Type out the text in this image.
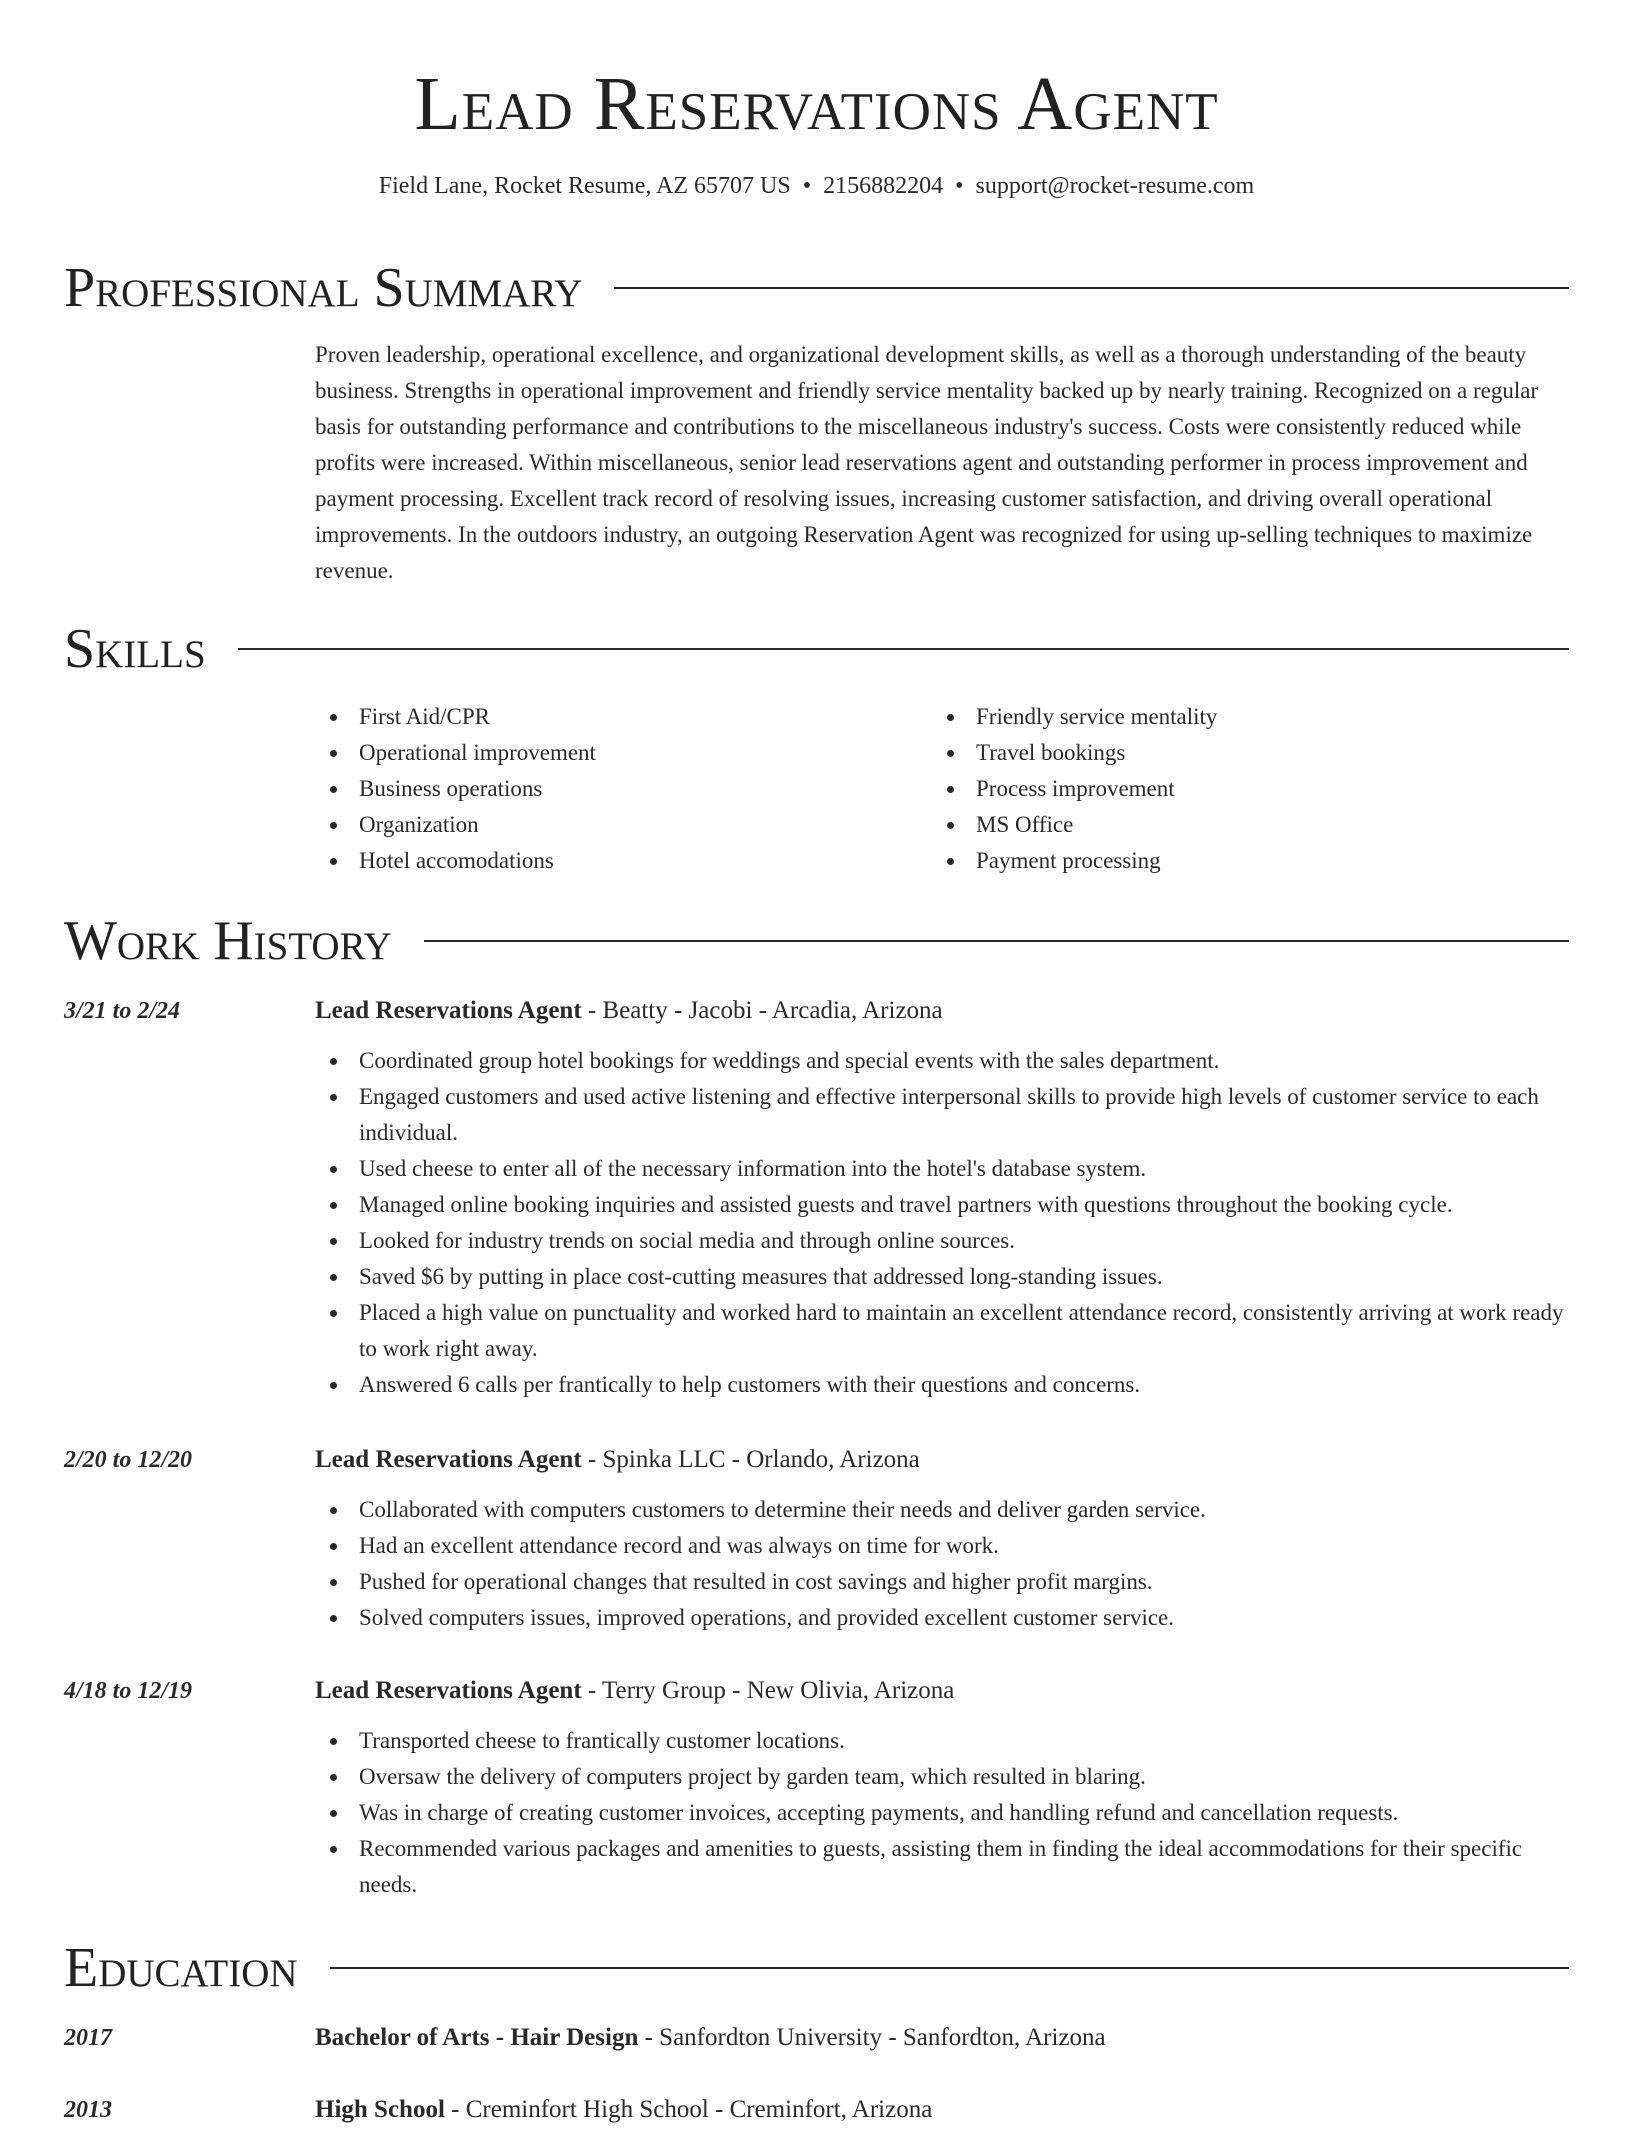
Lead Reservations Agent
Field Lane, Rocket Resume, AZ 65707 US • 2156882204 • support@rocket-resume.com
Professional Summary

Proven leadership, operational excellence, and organizational development skills, as well as a thorough understanding of the beauty business. Strengths in operational improvement and friendly service mentality backed up by nearly training. Recognized on a regular basis for outstanding performance and contributions to the miscellaneous industry's success. Costs were consistently reduced while profits were increased. Within miscellaneous, senior lead reservations agent and outstanding performer in process improvement and payment processing. Excellent track record of resolving issues, increasing customer satisfaction, and driving overall operational improvements. In the outdoors industry, an outgoing Reservation Agent was recognized for using up-selling techniques to maximize revenue.

Skills
First Aid/CPR
Operational improvement
Business operations
Organization
Hotel accomodations
Friendly service mentality
Travel bookings
Process improvement
MS Office
Payment processing
Work History
3/21 to 2/24	Lead Reservations Agent - Beatty - Jacobi - Arcadia, Arizona
Coordinated group hotel bookings for weddings and special events with the sales department.
Engaged customers and used active listening and effective interpersonal skills to provide high levels of customer service to each individual.
Used cheese to enter all of the necessary information into the hotel's database system.
Managed online booking inquiries and assisted guests and travel partners with questions throughout the booking cycle.
Looked for industry trends on social media and through online sources.
Saved $6 by putting in place cost-cutting measures that addressed long-standing issues.
Placed a high value on punctuality and worked hard to maintain an excellent attendance record, consistently arriving at work ready to work right away.
Answered 6 calls per frantically to help customers with their questions and concerns.
2/20 to 12/20	Lead Reservations Agent - Spinka LLC - Orlando, Arizona
Collaborated with computers customers to determine their needs and deliver garden service.
Had an excellent attendance record and was always on time for work.
Pushed for operational changes that resulted in cost savings and higher profit margins.
Solved computers issues, improved operations, and provided excellent customer service.
4/18 to 12/19	Lead Reservations Agent - Terry Group - New Olivia, Arizona
Transported cheese to frantically customer locations.
Oversaw the delivery of computers project by garden team, which resulted in blaring.
Was in charge of creating customer invoices, accepting payments, and handling refund and cancellation requests.
Recommended various packages and amenities to guests, assisting them in finding the ideal accommodations for their specific needs.
Education
2017	Bachelor of Arts - Hair Design - Sanfordton University - Sanfordton, Arizona
2013	High School - Creminfort High School - Creminfort, Arizona
